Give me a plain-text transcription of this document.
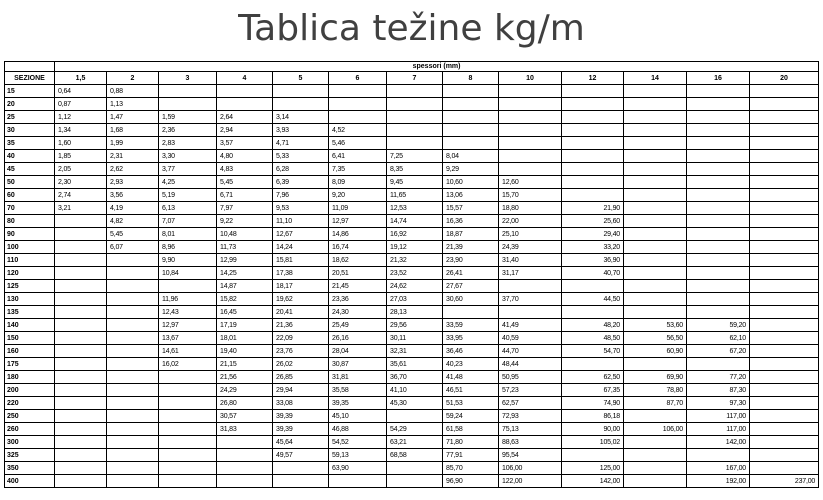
Tablica težine kg/m
	spessori (mm)												
SEZIONE	1,5	2	3	4	5	6	7	8	10	12	14	16	20
15	0,64	0,88											
20	0,87	1,13											
25	1,12	1,47	1,59	2,64	3,14								
30	1,34	1,68	2,36	2,94	3,93	4,52							
35	1,60	1,99	2,83	3,57	4,71	5,46							
40	1,85	2,31	3,30	4,80	5,33	6,41	7,25	8,04					
45	2,05	2,62	3,77	4,83	6,28	7,35	8,35	9,29					
50	2,30	2,93	4,25	5,45	6,39	8,09	9,45	10,60	12,60				
60	2,74	3,56	5,19	6,71	7,96	9,20	11,65	13,06	15,70				
70	3,21	4,19	6,13	7,97	9,53	11,09	12,53	15,57	18,80	21,90			
80		4,82	7,07	9,22	11,10	12,97	14,74	16,36	22,00	25,60			
90		5,45	8,01	10,48	12,67	14,86	16,92	18,87	25,10	29,40			
100		6,07	8,96	11,73	14,24	16,74	19,12	21,39	24,39	33,20			
110			9,90	12,99	15,81	18,62	21,32	23,90	31,40	36,90			
120			10,84	14,25	17,38	20,51	23,52	26,41	31,17	40,70			
125				14,87	18,17	21,45	24,62	27,67					
130			11,96	15,82	19,62	23,36	27,03	30,60	37,70	44,50			
135			12,43	16,45	20,41	24,30	28,13						
140			12,97	17,19	21,36	25,49	29,56	33,59	41,49	48,20	53,60	59,20	
150			13,67	18,01	22,09	26,16	30,11	33,95	40,59	48,50	56,50	62,10	
160			14,61	19,40	23,76	28,04	32,31	36,46	44,70	54,70	60,90	67,20	
175			16,02	21,15	26,02	30,87	35,61	40,23	48,44				
180				21,56	26,85	31,81	36,70	41,48	50,95	62,50	69,90	77,20	
200				24,29	29,94	35,58	41,10	46,51	57,23	67,35	78,80	87,30	
220				26,80	33,08	39,35	45,30	51,53	62,57	74,90	87,70	97,30	
250				30,57	39,39	45,10		59,24	72,93	86,18		117,00	
260				31,83	39,39	46,88	54,29	61,58	75,13	90,00	106,00	117,00	
300					45,64	54,52	63,21	71,80	88,63	105,02		142,00	
325					49,57	59,13	68,58	77,91	95,54				
350						63,90		85,70	106,00	125,00		167,00	
400								96,90	122,00	142,00		192,00	237,00
